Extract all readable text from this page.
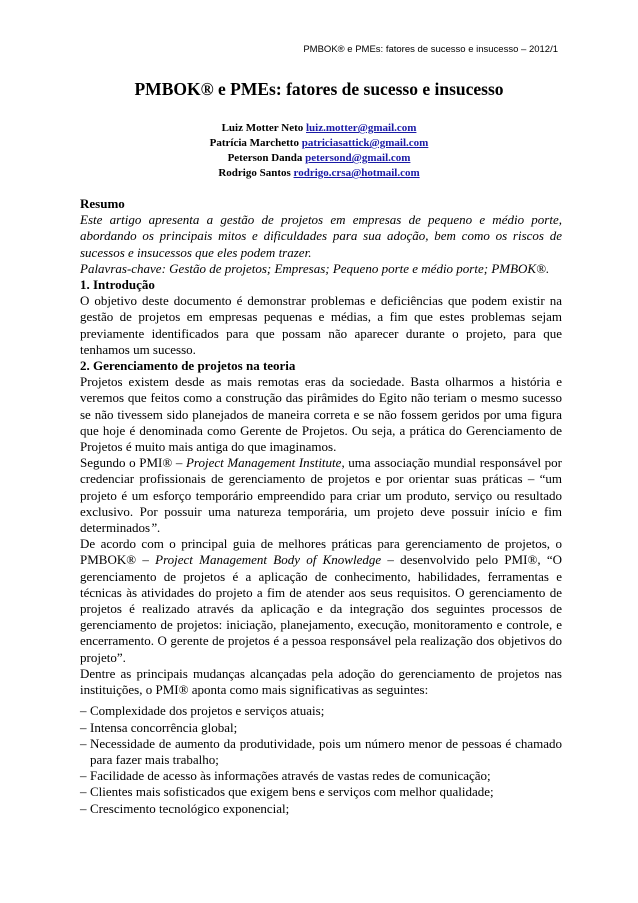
PMBOK® e PMEs: fatores de sucesso e insucesso – 2012/1
PMBOK® e PMEs: fatores de sucesso e insucesso
Luiz Motter Neto luiz.motter@gmail.com
Patrícia Marchetto patriciasattick@gmail.com
Peterson Danda petersond@gmail.com
Rodrigo Santos rodrigo.crsa@hotmail.com

Resumo

Este artigo apresenta a gestão de projetos em empresas de pequeno e médio porte, abordando os principais mitos e dificuldades para sua adoção, bem como os riscos de sucessos e insucessos que eles podem trazer.

Palavras-chave: Gestão de projetos; Empresas; Pequeno porte e médio porte; PMBOK®.

1. Introdução

O objetivo deste documento é demonstrar problemas e deficiências que podem existir na gestão de projetos em empresas pequenas e médias, a fim que estes problemas sejam previamente identificados para que possam não aparecer durante o projeto, para que tenhamos um sucesso.

2. Gerenciamento de projetos na teoria

Projetos existem desde as mais remotas eras da sociedade. Basta olharmos a história e veremos que feitos como a construção das pirâmides do Egito não teriam o mesmo sucesso se não tivessem sido planejados de maneira correta e se não fossem geridos por uma figura que hoje é denominada como Gerente de Projetos. Ou seja, a prática do Gerenciamento de Projetos é muito mais antiga do que imaginamos.

Segundo o PMI® – Project Management Institute, uma associação mundial responsável por credenciar profissionais de gerenciamento de projetos e por orientar suas práticas – “um projeto é um esforço temporário empreendido para criar um produto, serviço ou resultado exclusivo. Por possuir uma natureza temporária, um projeto deve possuir início e fim determinados”.

De acordo com o principal guia de melhores práticas para gerenciamento de projetos, o PMBOK® – Project Management Body of Knowledge – desenvolvido pelo PMI®, “O gerenciamento de projetos é a aplicação de conhecimento, habilidades, ferramentas e técnicas às atividades do projeto a fim de atender aos seus requisitos. O gerenciamento de projetos é realizado através da aplicação e da integração dos seguintes processos de gerenciamento de projetos: iniciação, planejamento, execução, monitoramento e controle, e encerramento. O gerente de projetos é a pessoa responsável pela realização dos objetivos do projeto”.

Dentre as principais mudanças alcançadas pela adoção do gerenciamento de projetos nas instituições, o PMI® aponta como mais significativas as seguintes:

– Complexidade dos projetos e serviços atuais;
– Intensa concorrência global;
– Necessidade de aumento da produtividade, pois um número menor de pessoas é chamado para fazer mais trabalho;
– Facilidade de acesso às informações através de vastas redes de comunicação;
– Clientes mais sofisticados que exigem bens e serviços com melhor qualidade;
– Crescimento tecnológico exponencial;
